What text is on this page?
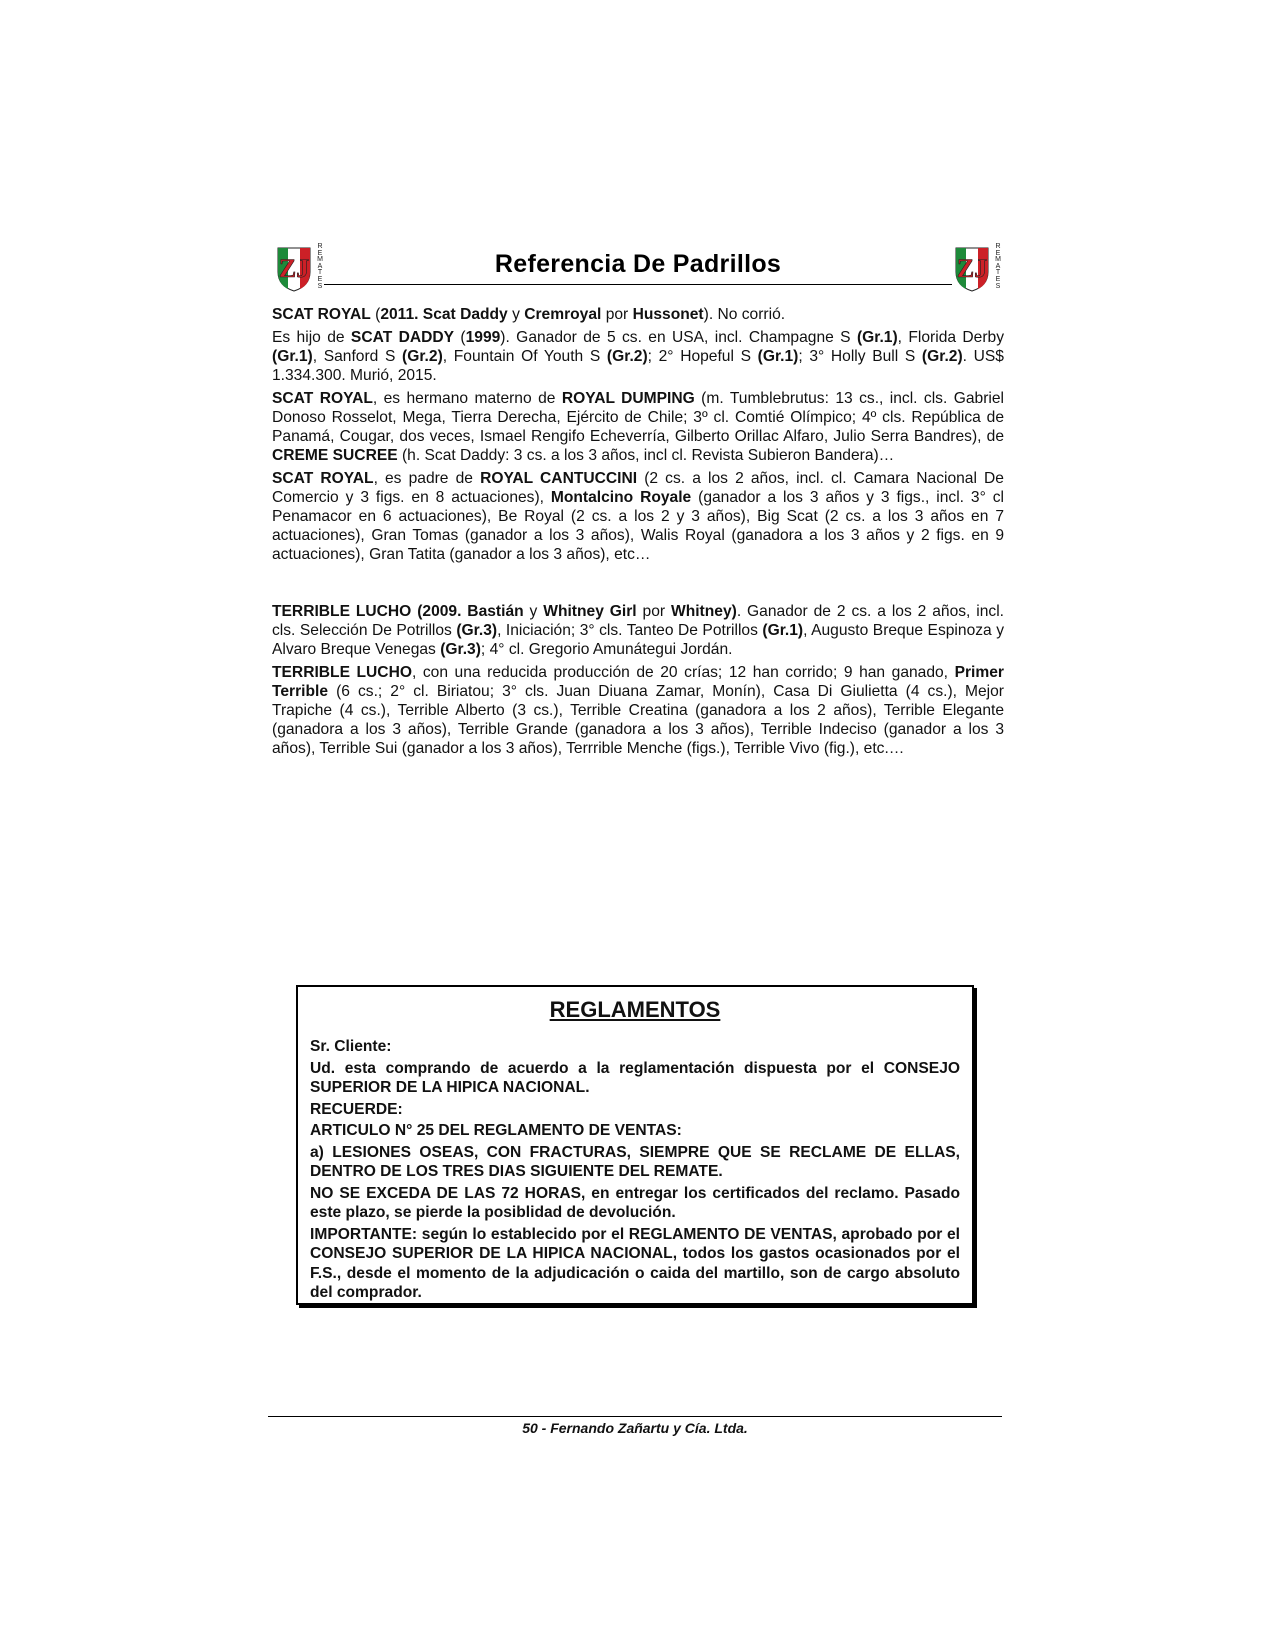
ZJ
R
E
M
A
T
E
S
Referencia De Padrillos	ZJ
R
E
M
A
T
E
S

SCAT ROYAL (2011. Scat Daddy y Cremroyal por Hussonet). No corrió.

Es hijo de SCAT DADDY (1999). Ganador de 5 cs. en USA, incl. Champagne S (Gr.1), Florida Derby (Gr.1), Sanford S (Gr.2), Fountain Of Youth S (Gr.2); 2° Hopeful S (Gr.1); 3° Holly Bull S (Gr.2). US$ 1.334.300. Murió, 2015.

SCAT ROYAL, es hermano materno de ROYAL DUMPING (m. Tumblebrutus: 13 cs., incl. cls. Gabriel Donoso Rosselot, Mega, Tierra Derecha, Ejército de Chile; 3º cl. Comtié Olímpico; 4º cls. República de Panamá, Cougar, dos veces, Ismael Rengifo Echeverría, Gilberto Orillac Alfaro, Julio Serra Bandres), de CREME SUCREE (h. Scat Daddy: 3 cs. a los 3 años, incl cl. Revista Subieron Bandera)…

SCAT ROYAL, es padre de ROYAL CANTUCCINI (2 cs. a los 2 años, incl. cl. Camara Nacional De Comercio y 3 figs. en 8 actuaciones), Montalcino Royale (ganador a los 3 años y 3 figs., incl. 3° cl Penamacor en 6 actuaciones), Be Royal (2 cs. a los 2 y 3 años), Big Scat (2 cs. a los 3 años en 7 actuaciones), Gran Tomas (ganador a los 3 años), Walis Royal (ganadora a los 3 años y 2 figs. en 9 actuaciones), Gran Tatita (ganador a los 3 años), etc…

TERRIBLE LUCHO (2009. Bastián y Whitney Girl por Whitney). Ganador de 2 cs. a los 2 años, incl. cls. Selección De Potrillos (Gr.3), Iniciación; 3° cls. Tanteo De Potrillos (Gr.1), Augusto Breque Espinoza y Alvaro Breque Venegas (Gr.3); 4° cl. Gregorio Amunátegui Jordán.

TERRIBLE LUCHO, con una reducida producción de 20 crías; 12 han corrido; 9 han ganado, Primer Terrible (6 cs.; 2° cl. Biriatou; 3° cls. Juan Diuana Zamar, Monín), Casa Di Giulietta (4 cs.), Mejor Trapiche (4 cs.), Terrible Alberto (3 cs.), Terrible Creatina (ganadora a los 2 años), Terrible Elegante (ganadora a los 3 años), Terrible Grande (ganadora a los 3 años), Terrible Indeciso (ganador a los 3 años), Terrible Sui (ganador a los 3 años), Terrrible Menche (figs.), Terrible Vivo (fig.), etc.…

REGLAMENTOS

Sr. Cliente:

Ud. esta comprando de acuerdo a la reglamentación dispuesta por el CONSEJO SUPERIOR DE LA HIPICA NACIONAL.

RECUERDE:

ARTICULO N° 25 DEL REGLAMENTO DE VENTAS:

a) LESIONES OSEAS, CON FRACTURAS, SIEMPRE QUE SE RECLAME DE ELLAS, DENTRO DE LOS TRES DIAS SIGUIENTE DEL REMATE.

NO SE EXCEDA DE LAS 72 HORAS, en entregar los certificados del reclamo. Pasado este plazo, se pierde la posiblidad de devolución.

IMPORTANTE: según lo establecido por el REGLAMENTO DE VENTAS, aprobado por el CONSEJO SUPERIOR DE LA HIPICA NACIONAL, todos los gastos ocasionados por el F.S., desde el momento de la adjudicación o caida del martillo, son de cargo absoluto del comprador.

50 - Fernando Zañartu y Cía. Ltda.
